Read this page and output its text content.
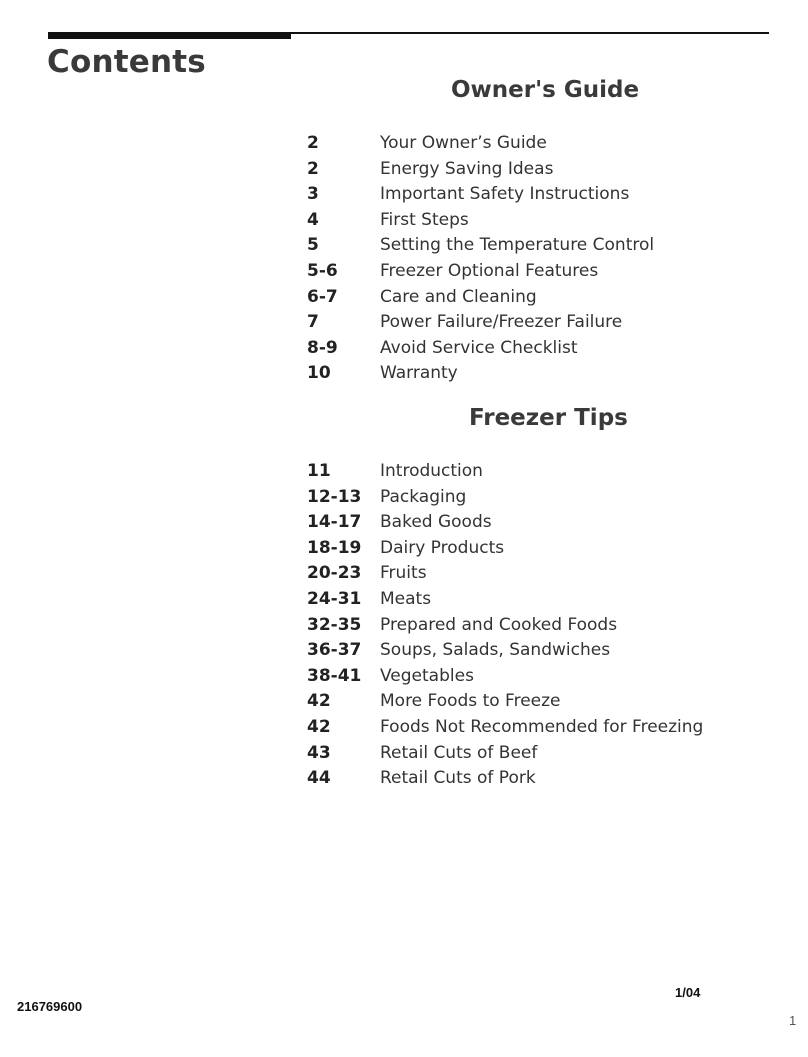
Contents
Owner's Guide
2	Your Owner’s Guide
2	Energy Saving Ideas
3	Important Safety Instructions
4	First Steps
5	Setting the Temperature Control
5-6 Freezer Optional Features
6-7 Care and Cleaning
7	Power Failure/Freezer Failure
8-9 Avoid Service Checklist
10	Warranty
Freezer Tips
11	Introduction
12-13 Packaging
14-17 Baked Goods
18-19 Dairy Products
20-23 Fruits
24-31 Meats
32-35 Prepared and Cooked Foods
36-37 Soups, Salads, Sandwiches
38-41 Vegetables
42	More Foods to Freeze
42	Foods Not Recommended for Freezing
43	Retail Cuts of Beef
44	Retail Cuts of Pork
1/04
216769600
1
